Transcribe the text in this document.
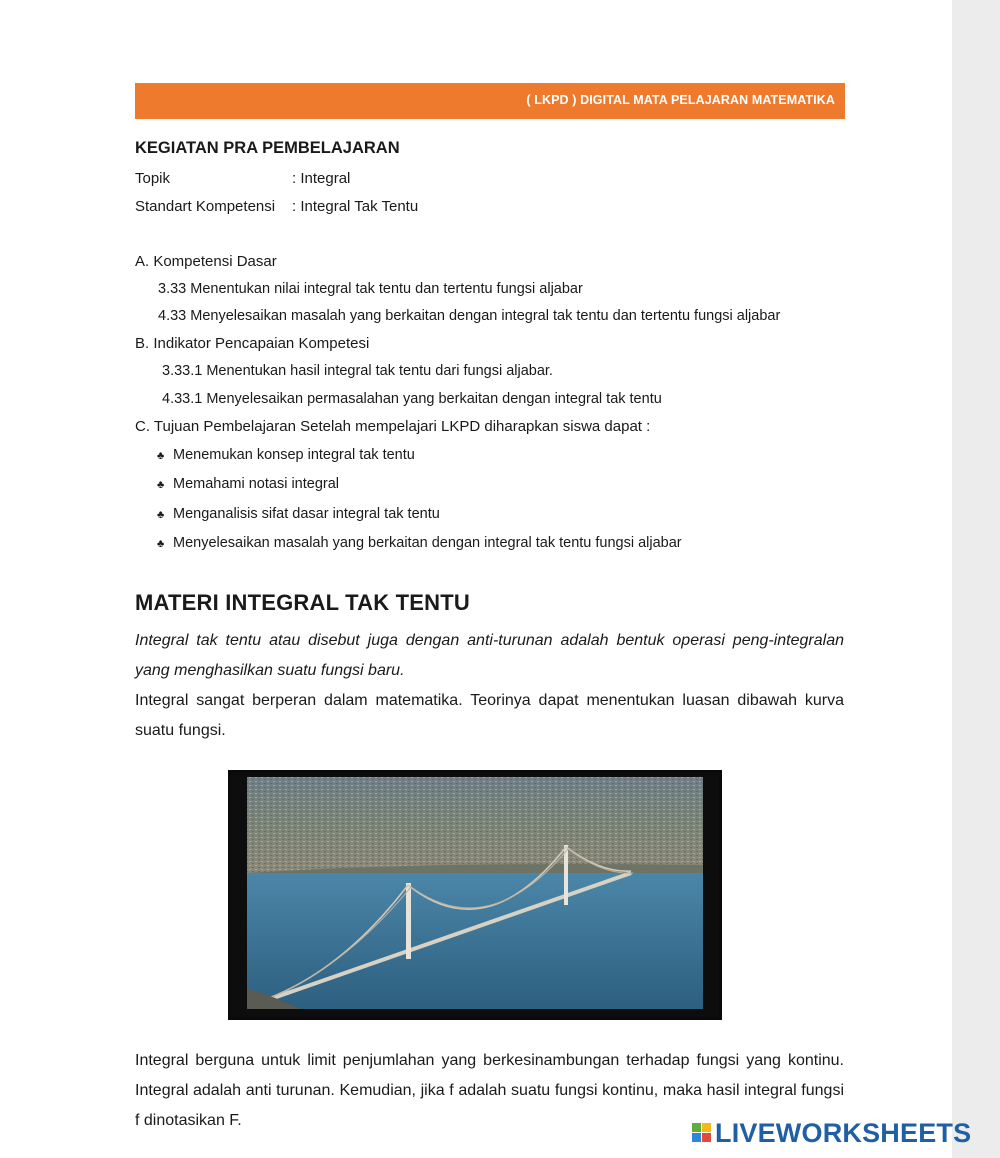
( LKPD ) DIGITAL MATA PELAJARAN MATEMATIKA
KEGIATAN PRA PEMBELAJARAN
Topik	: Integral
Standart Kompetensi : Integral Tak Tentu
A. Kompetensi Dasar
3.33 Menentukan nilai integral tak tentu dan tertentu fungsi aljabar
4.33 Menyelesaikan masalah yang berkaitan dengan integral tak tentu dan tertentu fungsi aljabar
B. Indikator Pencapaian Kompetesi
3.33.1 Menentukan hasil integral tak tentu dari fungsi aljabar.
4.33.1 Menyelesaikan permasalahan yang berkaitan dengan integral tak tentu
C. Tujuan Pembelajaran Setelah mempelajari LKPD diharapkan siswa dapat :
♣ Menemukan konsep integral tak tentu
♣ Memahami notasi integral
♣ Menganalisis sifat dasar integral tak tentu
♣ Menyelesaikan masalah yang berkaitan dengan integral tak tentu fungsi aljabar
MATERI INTEGRAL TAK TENTU
Integral tak tentu atau disebut juga dengan anti-turunan adalah bentuk operasi peng-integralan yang menghasilkan suatu fungsi baru.
Integral sangat berperan dalam matematika. Teorinya dapat menentukan luasan dibawah kurva suatu fungsi.
Integral berguna untuk limit penjumlahan yang berkesinambungan terhadap fungsi yang kontinu. Integral adalah anti turunan. Kemudian, jika f adalah suatu fungsi kontinu, maka hasil integral fungsi f dinotasikan F.	LIVEWORKSHEETS
